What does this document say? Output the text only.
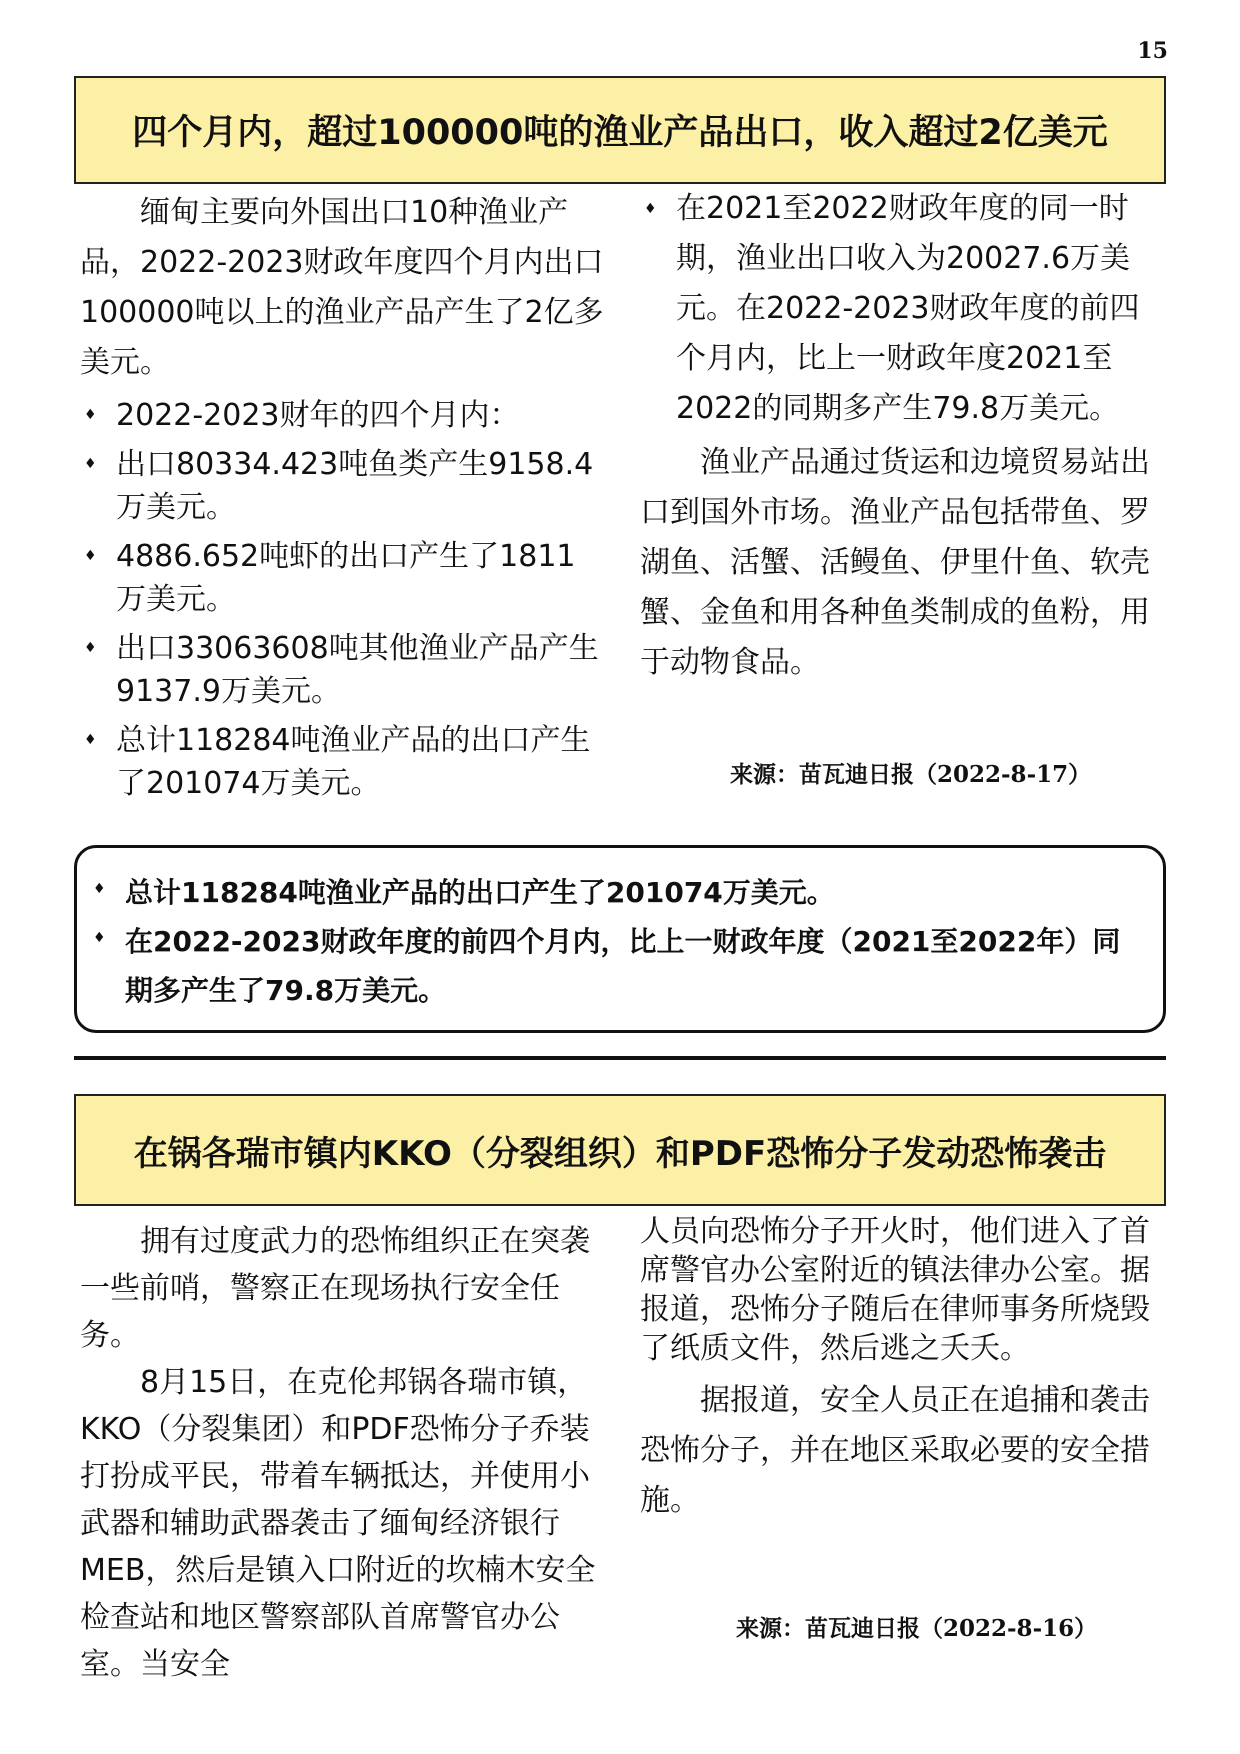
15
四个月内，超过100000吨的渔业产品出口，收入超过2亿美元

缅甸主要向外国出口10种渔业产品，2022-2023财政年度四个月内出口100000吨以上的渔业产品产生了2亿多美元。

♦ 2022-2023财年的四个月内：
♦ 出口80334.423吨鱼类产生9158.4万美元。
♦ 4886.652吨虾的出口产生了1811万美元。
♦ 出口33063608吨其他渔业产品产生9137.9万美元。
♦ 总计118284吨渔业产品的出口产生了201074万美元。
♦ 在2021至2022财政年度的同一时期，渔业出口收入为20027.6万美元。在2022-2023财政年度的前四个月内，比上一财政年度2021至2022的同期多产生79.8万美元。

渔业产品通过货运和边境贸易站出口到国外市场。渔业产品包括带鱼、罗湖鱼、活蟹、活鳗鱼、伊里什鱼、软壳蟹、金鱼和用各种鱼类制成的鱼粉，用于动物食品。

来源：苗瓦迪日报（2022-8-17）
♦ 总计118284吨渔业产品的出口产生了201074万美元。
♦ 在2022-2023财政年度的前四个月内，比上一财政年度（2021至2022年）同期多产生了79.8万美元。
在锅各瑞市镇内KKO（分裂组织）和PDF恐怖分子发动恐怖袭击

拥有过度武力的恐怖组织正在突袭一些前哨，警察正在现场执行安全任务。

8月15日，在克伦邦锅各瑞市镇，KKO（分裂集团）和PDF恐怖分子乔装打扮成平民，带着车辆抵达，并使用小武器和辅助武器袭击了缅甸经济银行MEB，然后是镇入口附近的坎楠木安全检查站和地区警察部队首席警官办公室。当安全

人员向恐怖分子开火时，他们进入了首席警官办公室附近的镇法律办公室。据报道，恐怖分子随后在律师事务所烧毁了纸质文件，然后逃之夭夭。

据报道，安全人员正在追捕和袭击恐怖分子，并在地区采取必要的安全措施。

来源：苗瓦迪日报（2022-8-16）
